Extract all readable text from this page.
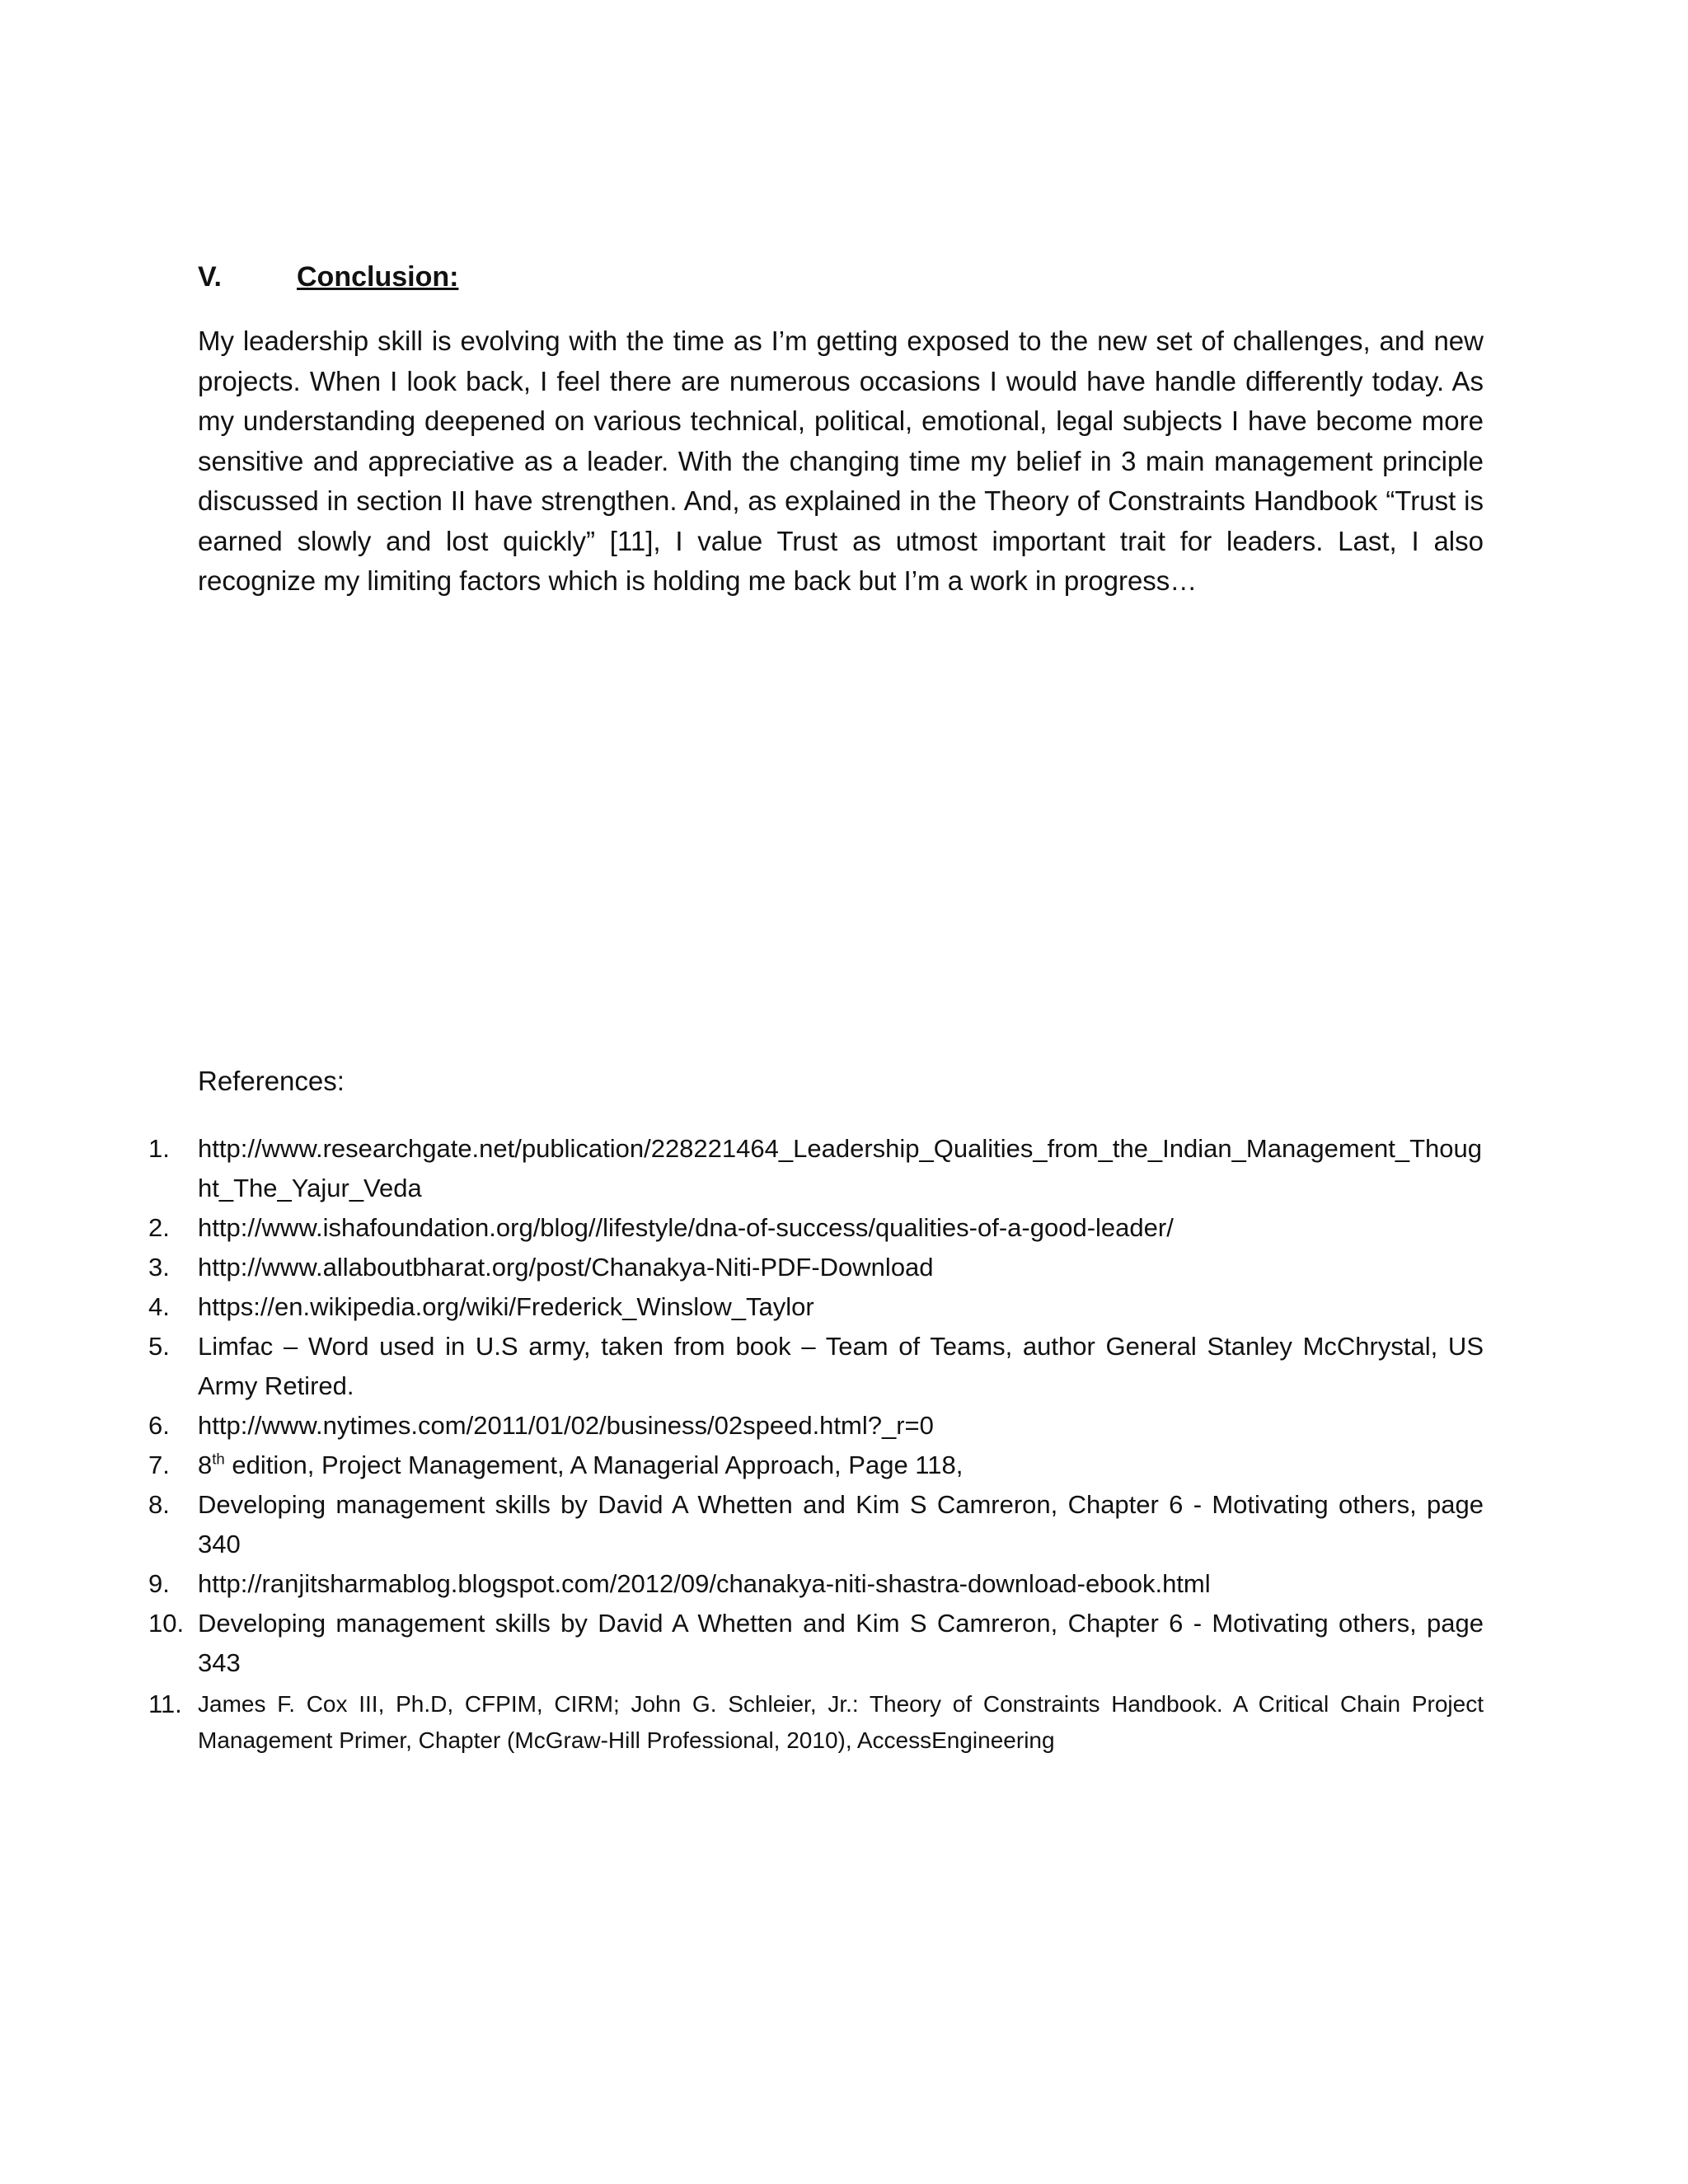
V.	Conclusion:
My leadership skill is evolving with the time as I’m getting exposed to the new set of challenges, and new projects. When I look back, I feel there are numerous occasions I would have handle differently today. As my understanding deepened on various technical, political, emotional, legal subjects I have become more sensitive and appreciative as a leader. With the changing time my belief in 3 main management principle discussed in section II have strengthen. And, as explained in the Theory of Constraints Handbook “Trust is earned slowly and lost quickly” [11], I value Trust as utmost important trait for leaders. Last, I also recognize my limiting factors which is holding me back but I’m a work in progress…
References:
1.	http://www.researchgate.net/publication/228221464_Leadership_Qualities_from_the_Indian_Management_Thought_The_Yajur_Veda
2.	http://www.ishafoundation.org/blog//lifestyle/dna-of-success/qualities-of-a-good-leader/
3.	http://www.allaboutbharat.org/post/Chanakya-Niti-PDF-Download
4.	https://en.wikipedia.org/wiki/Frederick_Winslow_Taylor
5.	Limfac – Word used in U.S army, taken from book – Team of Teams, author General Stanley McChrystal, US Army Retired.
6.	http://www.nytimes.com/2011/01/02/business/02speed.html?_r=0
7.	8th edition, Project Management, A Managerial Approach, Page 118,
8.	Developing management skills by David A Whetten and Kim S Camreron, Chapter 6 - Motivating others, page 340
9.	http://ranjitsharmablog.blogspot.com/2012/09/chanakya-niti-shastra-download-ebook.html
10. Developing management skills by David A Whetten and Kim S Camreron, Chapter 6 - Motivating others, page 343
11. James F. Cox III, Ph.D, CFPIM, CIRM; John G. Schleier, Jr.: Theory of Constraints Handbook. A Critical Chain Project Management Primer, Chapter (McGraw-Hill Professional, 2010), AccessEngineering
